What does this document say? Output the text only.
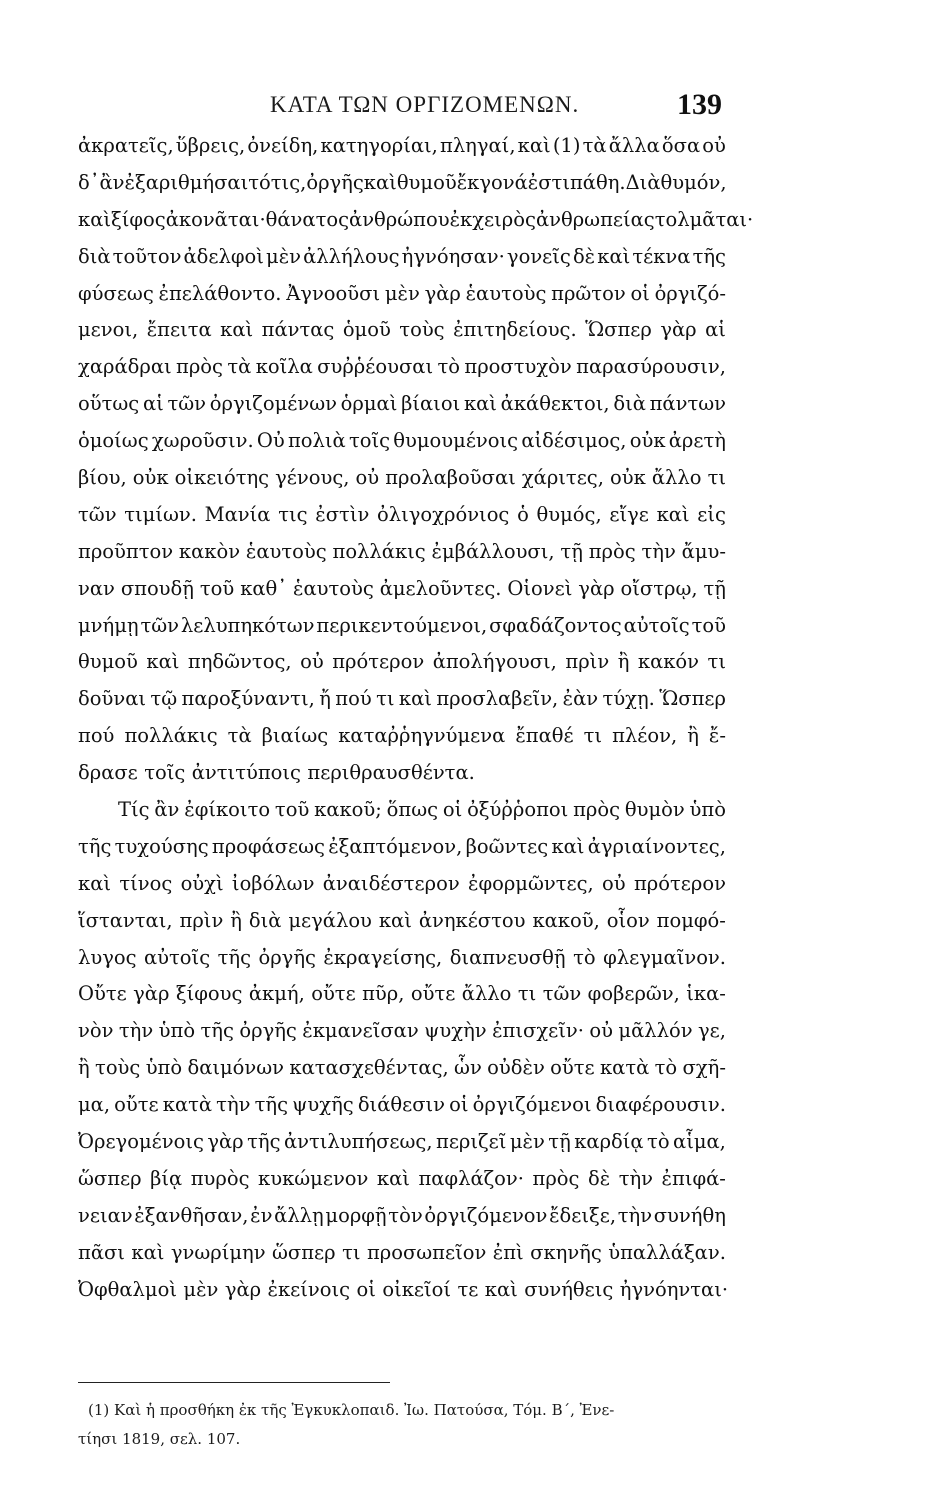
ΚΑΤΑ ΤΩΝ ΟΡΓΙΖΟΜΕΝΩΝ.	139
ἀκρατεῖς, ὕβρεις, ὀνείδη, κατηγορίαι, πληγαί, καὶ (1) τὰ ἄλλα ὅσα οὐ
δ᾽ ἂν ἐξαριθμήσαιτό τις, ὀργῆς καὶ θυμοῦ ἔκγονά ἐστι πάθη. Διὰ θυμόν,
καὶ ξίφος ἀκονᾶται· θάνατος ἀνθρώπου ἐκ χειρὸς ἀνθρωπείας τολμᾶται·
διὰ τοῦτον ἀδελφοὶ μὲν ἀλλήλους ἠγνόησαν· γονεῖς δὲ καὶ τέκνα τῆς
φύσεως ἐπελάθοντο. Ἀγνοοῦσι μὲν γὰρ ἑαυτοὺς πρῶτον οἱ ὀργιζό-
μενοι, ἔπειτα καὶ πάντας ὁμοῦ τοὺς ἐπιτηδείους. Ὥσπερ γὰρ αἱ
χαράδραι πρὸς τὰ κοῖλα συῤῥέουσαι τὸ προστυχὸν παρασύρουσιν,
οὕτως αἱ τῶν ὀργιζομένων ὁρμαὶ βίαιοι καὶ ἀκάθεκτοι, διὰ πάντων
ὁμοίως χωροῦσιν. Οὐ πολιὰ τοῖς θυμουμένοις αἰδέσιμος, οὐκ ἀρετὴ
βίου, οὐκ οἰκειότης γένους, οὐ προλαβοῦσαι χάριτες, οὐκ ἄλλο τι
τῶν τιμίων. Μανία τις ἐστὶν ὀλιγοχρόνιος ὁ θυμός, εἴγε καὶ εἰς
προῦπτον κακὸν ἑαυτοὺς πολλάκις ἐμβάλλουσι, τῇ πρὸς τὴν ἄμυ-
ναν σπουδῇ τοῦ καθ᾽ ἑαυτοὺς ἀμελοῦντες. Οἱονεὶ γὰρ οἴστρῳ, τῇ
μνήμῃ τῶν λελυπηκότων περικεντούμενοι, σφαδάζοντος αὐτοῖς τοῦ
θυμοῦ καὶ πηδῶντος, οὐ πρότερον ἀπολήγουσι, πρὶν ἢ κακόν τι
δοῦναι τῷ παροξύναντι, ἤ πού τι καὶ προσλαβεῖν, ἐὰν τύχῃ. Ὥσπερ
πού πολλάκις τὰ βιαίως καταῤῥηγνύμενα ἔπαθέ τι πλέον, ἢ ἔ-
δρασε τοῖς ἀντιτύποις περιθραυσθέντα.
Τίς ἂν ἐφίκοιτο τοῦ κακοῦ; ὅπως οἱ ὀξύῤῥοποι πρὸς θυμὸν ὑπὸ
τῆς τυχούσης προφάσεως ἐξαπτόμενον, βοῶντες καὶ ἀγριαίνοντες,
καὶ τίνος οὐχὶ ἰοβόλων ἀναιδέστερον ἐφορμῶντες, οὐ πρότερον
ἵστανται, πρὶν ἢ διὰ μεγάλου καὶ ἀνηκέστου κακοῦ, οἷον πομφό-
λυγος αὐτοῖς τῆς ὀργῆς ἐκραγείσης, διαπνευσθῇ τὸ φλεγμαῖνον.
Οὔτε γὰρ ξίφους ἀκμή, οὔτε πῦρ, οὔτε ἄλλο τι τῶν φοβερῶν, ἱκα-
νὸν τὴν ὑπὸ τῆς ὀργῆς ἐκμανεῖσαν ψυχὴν ἐπισχεῖν· οὐ μᾶλλόν γε,
ἢ τοὺς ὑπὸ δαιμόνων κατασχεθέντας, ὧν οὐδὲν οὔτε κατὰ τὸ σχῆ-
μα, οὔτε κατὰ τὴν τῆς ψυχῆς διάθεσιν οἱ ὀργιζόμενοι διαφέρουσιν.
Ὀρεγομένοις γὰρ τῆς ἀντιλυπήσεως, περιζεῖ μὲν τῇ καρδίᾳ τὸ αἷμα,
ὥσπερ βίᾳ πυρὸς κυκώμενον καὶ παφλάζον· πρὸς δὲ τὴν ἐπιφά-
νειαν ἐξανθῆσαν, ἐν ἄλλῃ μορφῇ τὸν ὀργιζόμενον ἔδειξε, τὴν συνήθη
πᾶσι καὶ γνωρίμην ὥσπερ τι προσωπεῖον ἐπὶ σκηνῆς ὑπαλλάξαν.
Ὀφθαλμοὶ μὲν γὰρ ἐκείνοις οἱ οἰκεῖοί τε καὶ συνήθεις ἠγνόηνται·
(1) Καὶ ἡ προσθήκη ἐκ τῆς Ἐγκυκλοπαιδ. Ἰω. Πατούσα, Τόμ. Β΄, Ἐνε-
τίησι 1819, σελ. 107.
